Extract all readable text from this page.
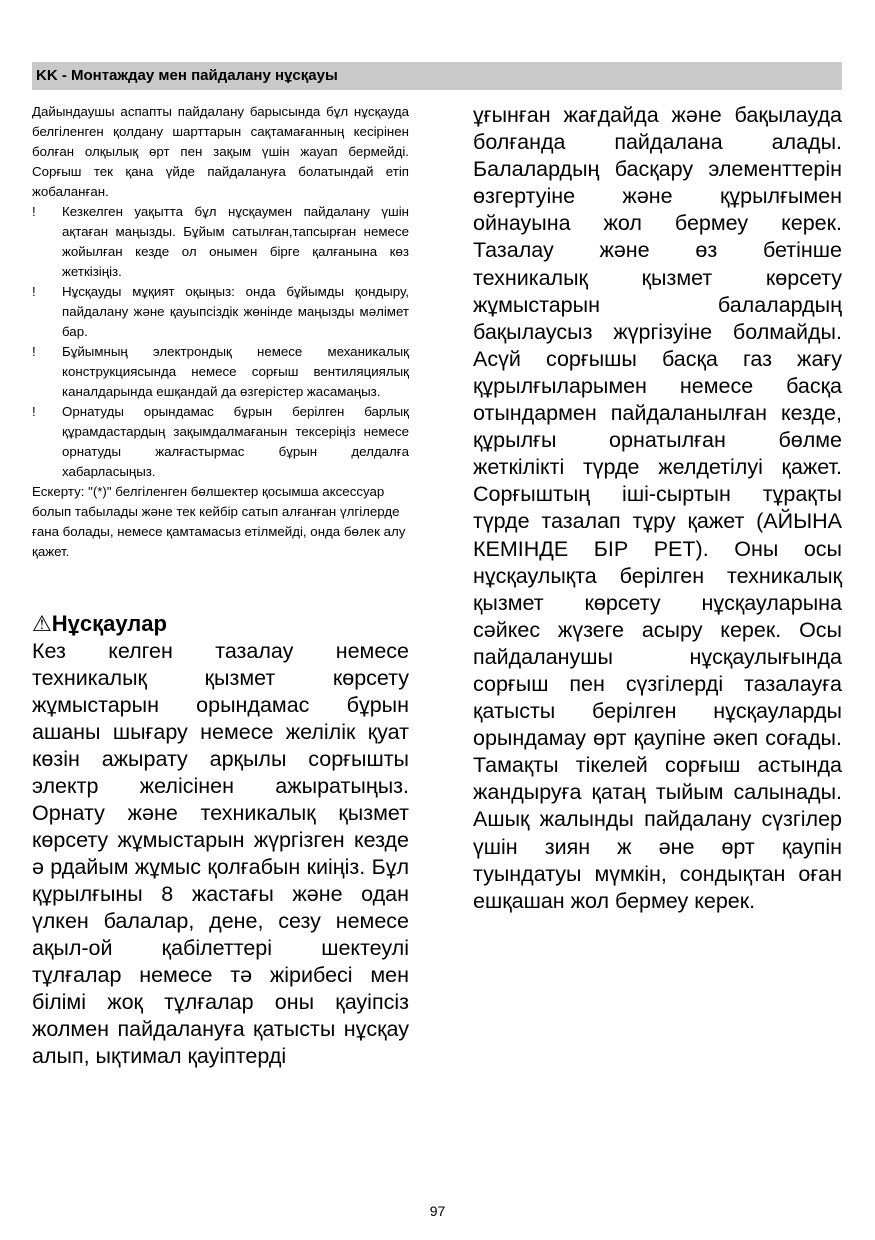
KK - Монтаждау мен пайдалану нұсқауы

Дайындаушы аспапты пайдалану барысында бұл нұсқауда белгіленген қолдану шарттарын сақтамағанның кесірінен болған олқылық өрт пен зақым үшін жауап бермейді. Сорғыш тек қана үйде пайдалануға болатындай етіп жобаланған.

!	Кезкелген уақытта бұл нұсқаумен пайдалану үшін ақтаған маңызды. Бұйым сатылған,тапсырған немесе жойылған кезде ол онымен бірге қалғанына көз жеткізіңіз.
!	Нұсқауды мұқият оқыңыз: онда бұйымды қондыру, пайдалану және қауыпсіздік жөнінде маңызды мәлімет бар.
!	Бұйымның электрондық немесе механикалық конструкциясында немесе сорғыш вентиляциялық каналдарында ешқандай да өзгерістер жасамаңыз.
!	Орнатуды орындамас бұрын берілген барлық құрамдастардың зақымдалмағанын тексеріңіз немесе орнатуды жалғастырмас бұрын делдалға хабарласыңыз.

Ескерту: "(*)" белгіленген бөлшектер қосымша аксессуар болып табылады және тек кейбір сатып алғанған үлгілерде ғана болады, немесе қамтамасыз етілмейді, онда бөлек алу қажет.

⚠Нұсқаулар
Кез келген тазалау немесе техникалық қызмет көрсету жұмыстарын орындамас бұрын ашаны шығару немесе желілік қуат көзін ажырату арқылы сорғышты электр желісінен ажыратыңыз. Орнату және техникалық қызмет көрсету жұмыстарын жүргізген кезде ә рдайым жұмыс қолғабын киіңіз. Бұл құрылғыны 8 жастағы және одан үлкен балалар, дене, сезу немесе ақыл-ой қабілеттері шектеулі тұлғалар немесе тә жірибесі мен білімі жоқ тұлғалар оны қауіпсіз жолмен пайдалануға қатысты нұсқау алып, ықтимал қауіптерді
ұғынған жағдайда және бақылауда болғанда пайдалана алады. Балалардың басқару элементтерін өзгертуіне және құрылғымен ойнауына жол бермеу керек. Тазалау және өз бетінше техникалық қызмет көрсету жұмыстарын балалардың бақылаусыз жүргізуіне болмайды. Асүй сорғышы басқа газ жағу құрылғыларымен немесе басқа отындармен пайдаланылған кезде, құрылғы орнатылған бөлме жеткілікті түрде желдетілуі қажет. Сорғыштың іші-сыртын тұрақты түрде тазалап тұру қажет (АЙЫНА КЕМІНДЕ БІР РЕТ). Оны осы нұсқаулықта берілген техникалық қызмет көрсету нұсқауларына сәйкес жүзеге асыру керек. Осы пайдаланушы нұсқаулығында сорғыш пен сүзгілерді тазалауға қатысты берілген нұсқауларды орындамау өрт қаупіне әкеп соғады. Тамақты тікелей сорғыш астында жандыруға қатаң тыйым салынады. Ашық жалынды пайдалану сүзгілер үшін зиян ж әне өрт қаупін туындатуы мүмкін, сондықтан оған ешқашан жол бермеу керек.
97
